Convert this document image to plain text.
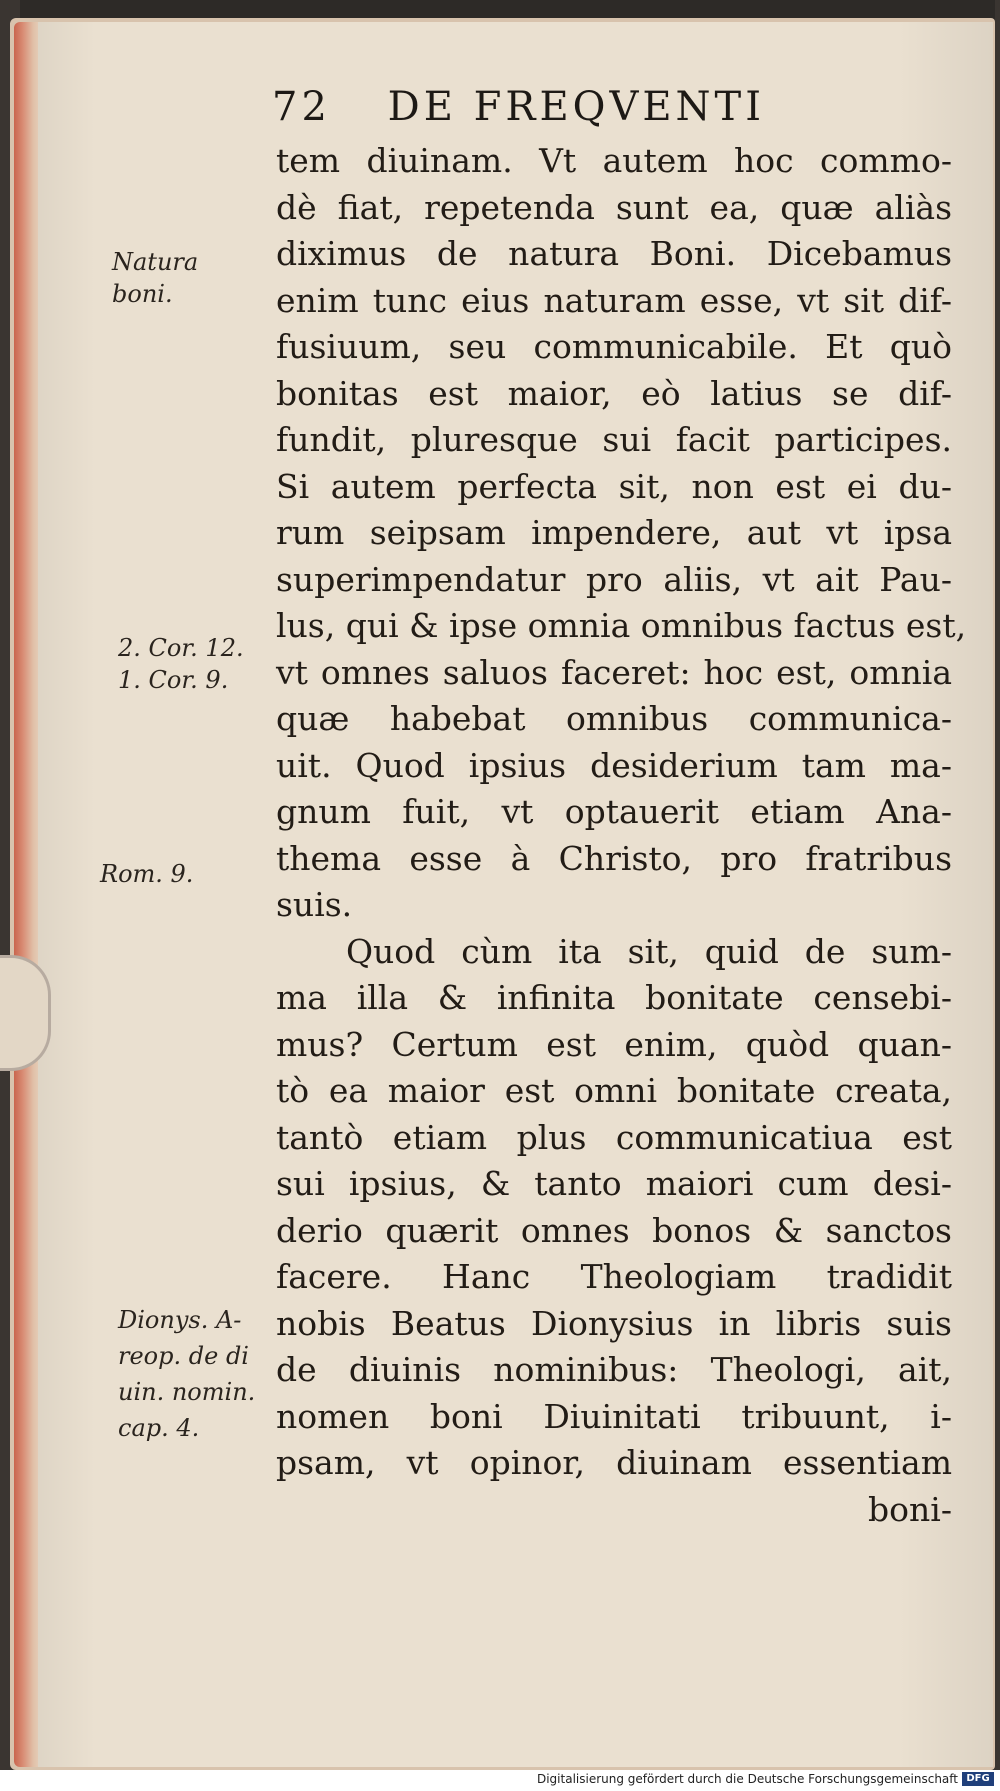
72 DE FREQVENTI
tem diuinam. Vt autem hoc commo-
dè fiat, repetenda sunt ea, quæ aliàs
diximus de natura Boni. Dicebamus
enim tunc eius naturam esse, vt sit dif-
fusiuum, seu communicabile. Et quò
bonitas est maior, eò latius se dif-
fundit, pluresque sui facit participes.
Si autem perfecta sit, non est ei du-
rum seipsam impendere, aut vt ipsa
superimpendatur pro aliis, vt ait Pau-
lus, qui & ipse omnia omnibus factus est,
vt omnes saluos faceret: hoc est, omnia
quæ habebat omnibus communica-
uit. Quod ipsius desiderium tam ma-
gnum fuit, vt optauerit etiam Ana-
thema esse à Christo, pro fratribus
suis.
Quod cùm ita sit, quid de sum-
ma illa & infinita bonitate censebi-
mus? Certum est enim, quòd quan-
tò ea maior est omni bonitate creata,
tantò etiam plus communicatiua est
sui ipsius, & tanto maiori cum desi-
derio quærit omnes bonos & sanctos
facere. Hanc Theologiam tradidit
nobis Beatus Dionysius in libris suis
de diuinis nominibus: Theologi, ait,
nomen boni Diuinitati tribuunt, i-
psam, vt opinor, diuinam essentiam
boni-
Natura
boni.
2. Cor. 12.
1. Cor. 9.
Rom. 9.
Dionys. A-
reop. de di
uin. nomin.
cap. 4.
Digitalisierung gefördert durch die Deutsche Forschungsgemeinschaft DFG
